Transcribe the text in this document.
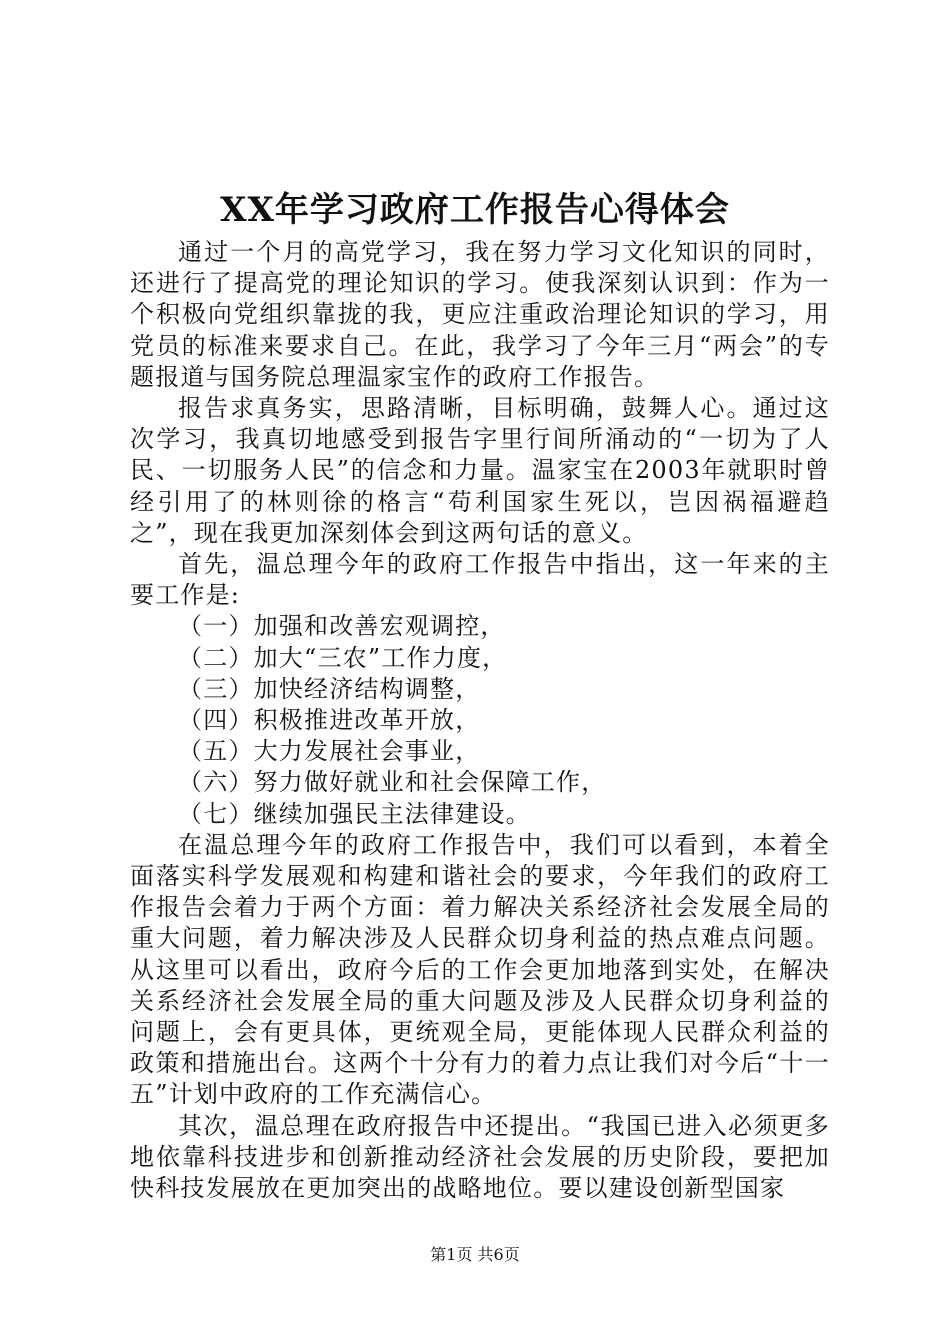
XX年学习政府工作报告心得体会

通过一个月的高党学习，我在努力学习文化知识的同时，还进行了提高党的理论知识的学习。使我深刻认识到：作为一个积极向党组织靠拢的我，更应注重政治理论知识的学习，用党员的标准来要求自己。在此，我学习了今年三月“两会”的专题报道与国务院总理温家宝作的政府工作报告。

报告求真务实，思路清晰，目标明确，鼓舞人心。通过这次学习，我真切地感受到报告字里行间所涌动的“一切为了人民、一切服务人民”的信念和力量。温家宝在2003年就职时曾经引用了的林则徐的格言“苟利国家生死以，岂因祸福避趋之”，现在我更加深刻体会到这两句话的意义。

首先，温总理今年的政府工作报告中指出，这一年来的主要工作是:

（一）加强和改善宏观调控，

（二）加大“三农”工作力度，

（三）加快经济结构调整，

（四）积极推进改革开放，

（五）大力发展社会事业，

（六）努力做好就业和社会保障工作，

（七）继续加强民主法律建设。

在温总理今年的政府工作报告中，我们可以看到，本着全面落实科学发展观和构建和谐社会的要求，今年我们的政府工作报告会着力于两个方面：着力解决关系经济社会发展全局的重大问题，着力解决涉及人民群众切身利益的热点难点问题。从这里可以看出，政府今后的工作会更加地落到实处，在解决关系经济社会发展全局的重大问题及涉及人民群众切身利益的问题上，会有更具体，更统观全局，更能体现人民群众利益的政策和措施出台。这两个十分有力的着力点让我们对今后“十一五”计划中政府的工作充满信心。

其次，温总理在政府报告中还提出。“我国已进入必须更多地依靠科技进步和创新推动经济社会发展的历史阶段，要把加快科技发展放在更加突出的战略地位。要以建设创新型国家

第1页 共6页
